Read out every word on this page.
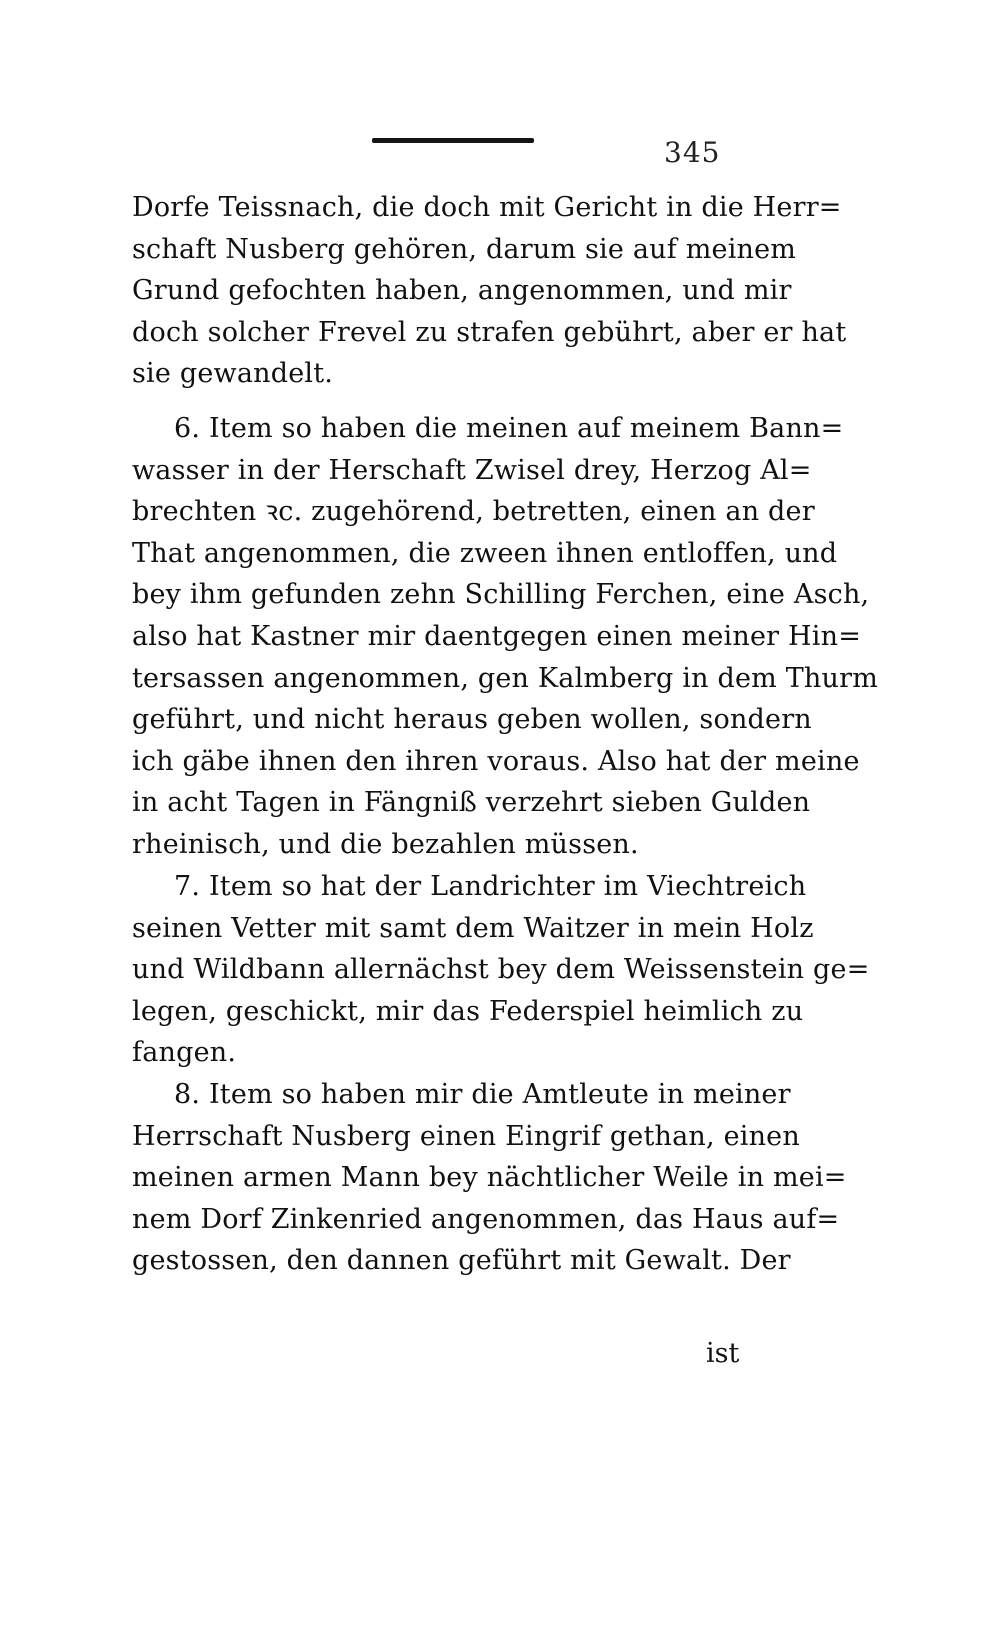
345
Dorfe Teissnach, die doch mit Gericht in die Herr=
schaft Nusberg gehören, darum sie auf meinem
Grund gefochten haben, angenommen, und mir
doch solcher Frevel zu strafen gebührt, aber er hat
sie gewandelt.
6. Item so haben die meinen auf meinem Bann=
wasser in der Herschaft Zwisel drey, Herzog Al=
brechten ꝛc. zugehörend, betretten, einen an der
That angenommen, die zween ihnen entloffen, und
bey ihm gefunden zehn Schilling Ferchen, eine Asch,
also hat Kastner mir daentgegen einen meiner Hin=
tersassen angenommen, gen Kalmberg in dem Thurm
geführt, und nicht heraus geben wollen, sondern
ich gäbe ihnen den ihren voraus. Also hat der meine
in acht Tagen in Fängniß verzehrt sieben Gulden
rheinisch, und die bezahlen müssen.
7. Item so hat der Landrichter im Viechtreich
seinen Vetter mit samt dem Waitzer in mein Holz
und Wildbann allernächst bey dem Weissenstein ge=
legen, geschickt, mir das Federspiel heimlich zu
fangen.
8. Item so haben mir die Amtleute in meiner
Herrschaft Nusberg einen Eingrif gethan, einen
meinen armen Mann bey nächtlicher Weile in mei=
nem Dorf Zinkenried angenommen, das Haus auf=
gestossen, den dannen geführt mit Gewalt. Der
ist
